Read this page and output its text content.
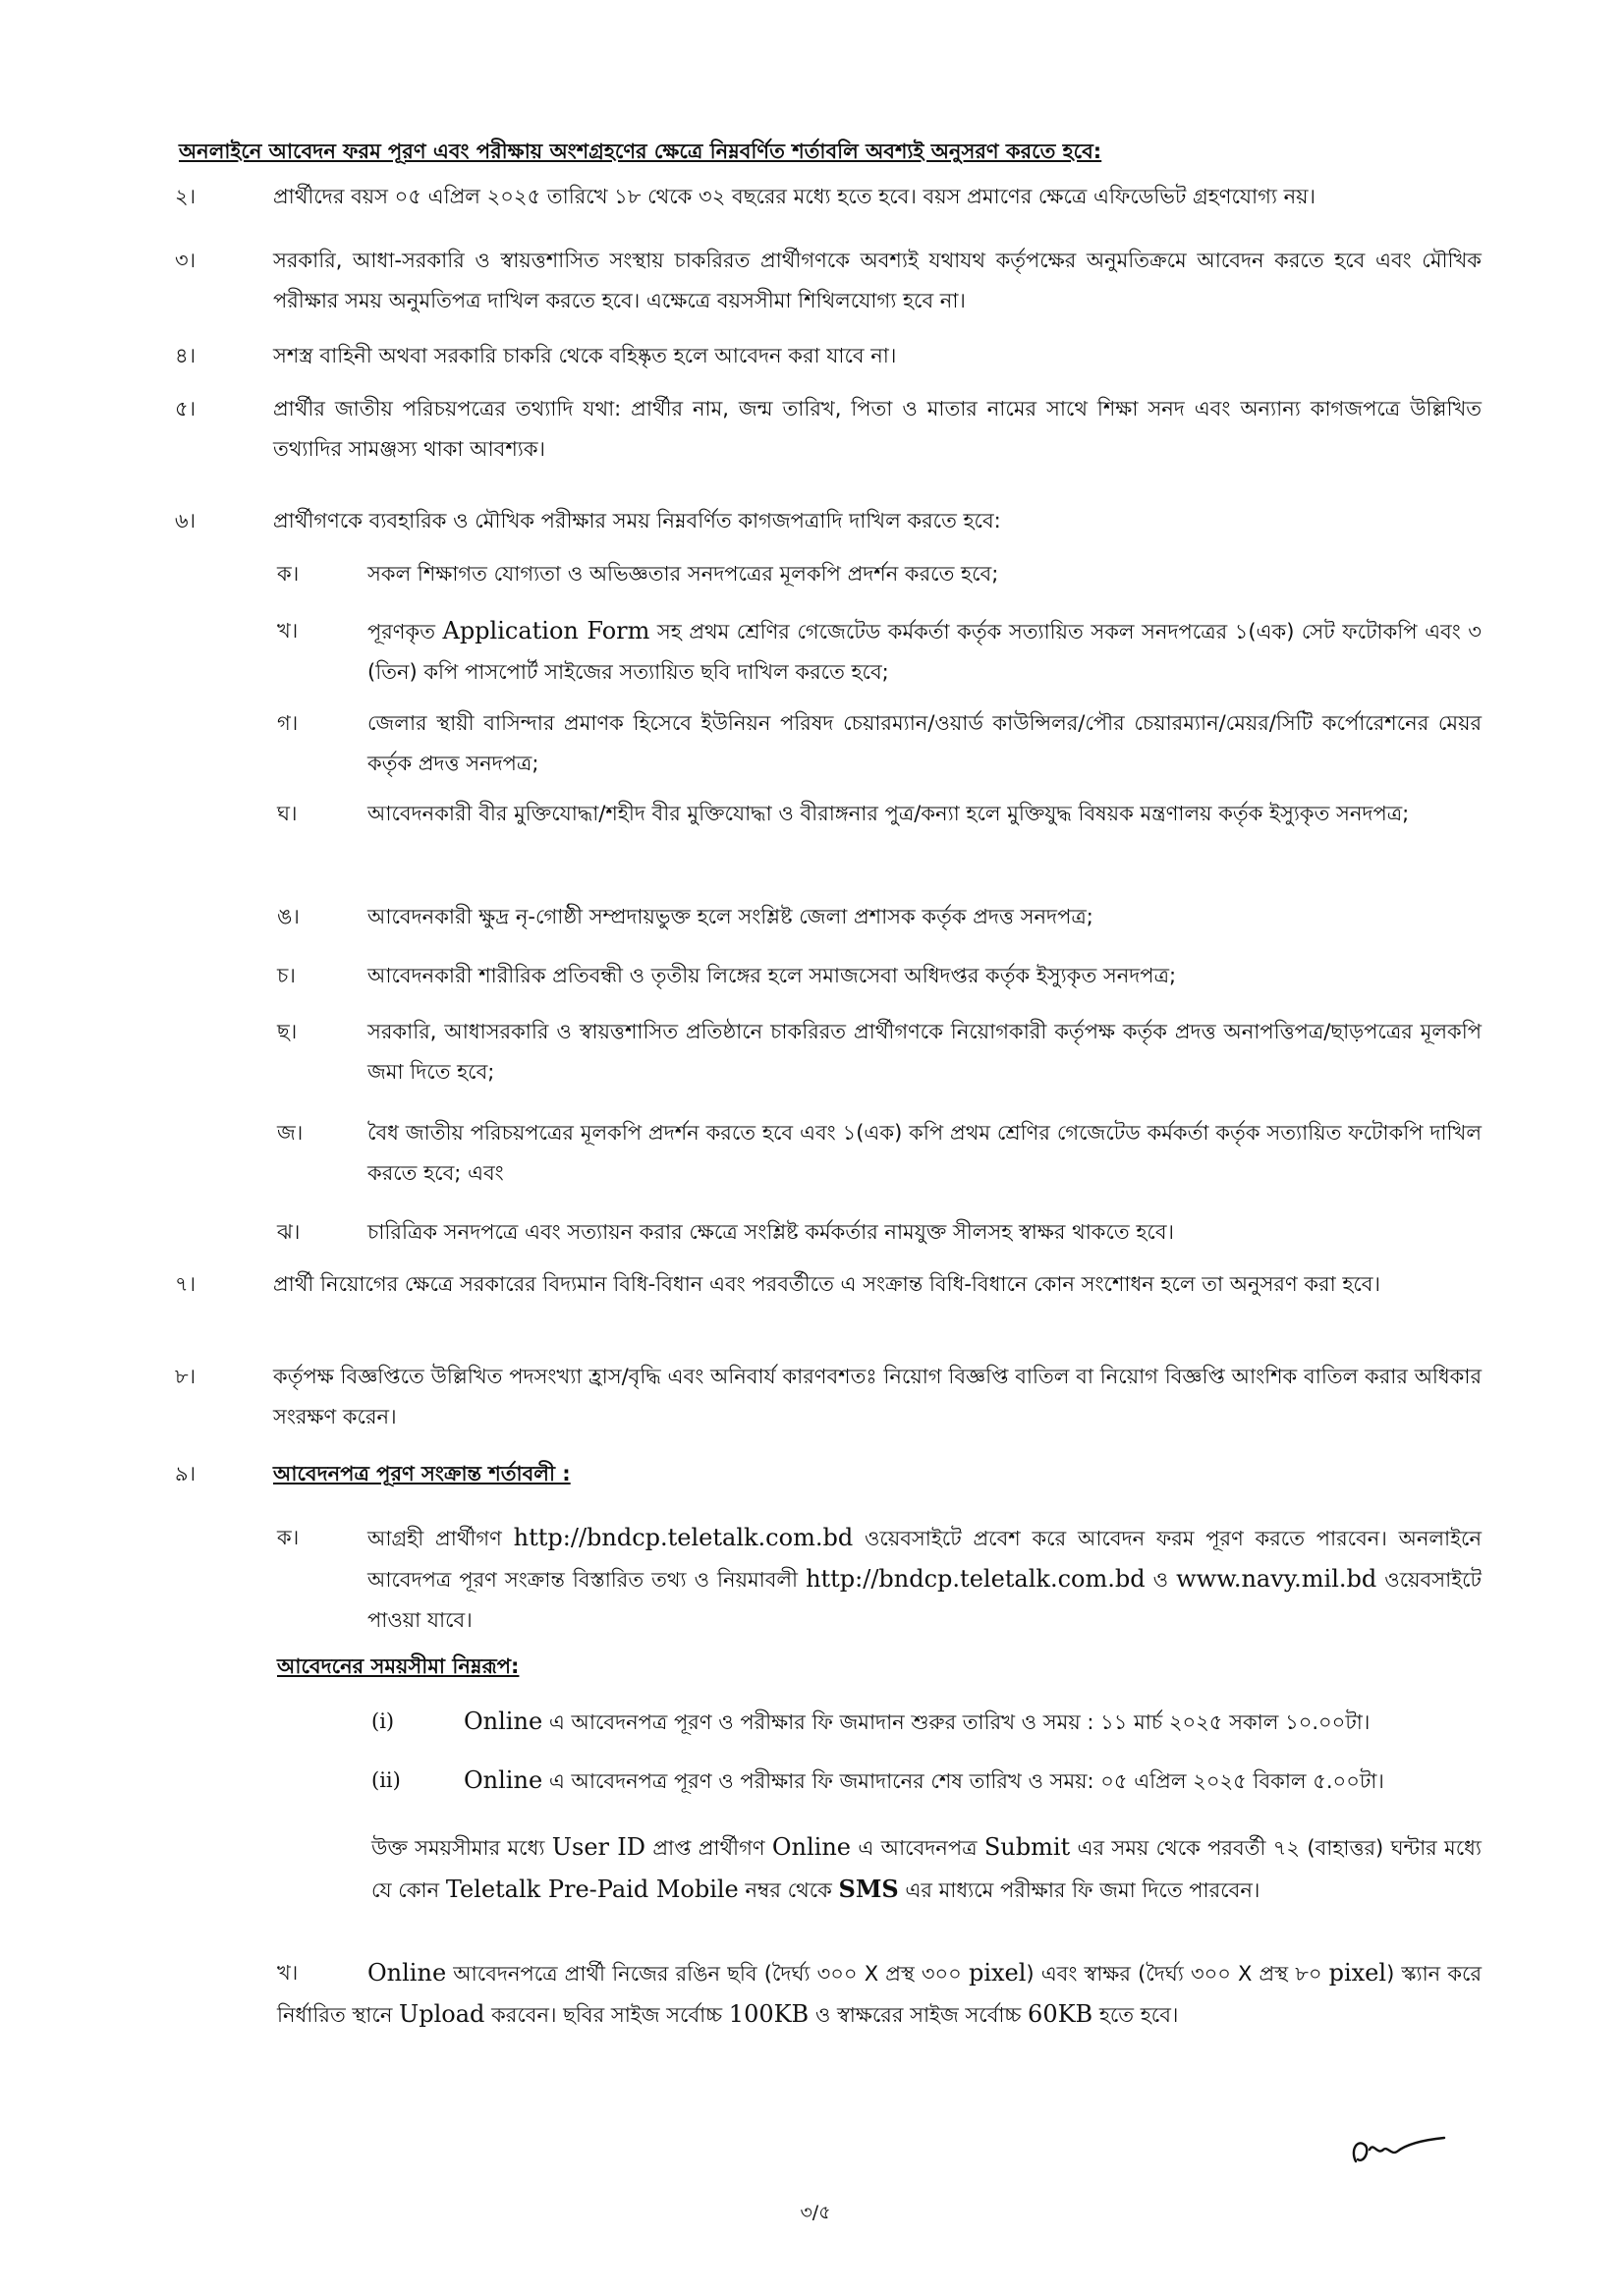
অনলাইনে আবেদন ফরম পূরণ এবং পরীক্ষায় অংশগ্রহণের ক্ষেত্রে নিম্নবর্ণিত শর্তাবলি অবশ্যই অনুসরণ করতে হবে:
২।	প্রার্থীদের বয়স ০৫ এপ্রিল ২০২৫ তারিখে ১৮ থেকে ৩২ বছরের মধ্যে হতে হবে। বয়স প্রমাণের ক্ষেত্রে এফিডেভিট গ্রহণযোগ্য নয়।
৩।	সরকারি, আধা-সরকারি ও স্বায়ত্তশাসিত সংস্থায় চাকরিরত প্রার্থীগণকে অবশ্যই যথাযথ কর্তৃপক্ষের অনুমতিক্রমে আবেদন করতে হবে এবং মৌখিক পরীক্ষার সময় অনুমতিপত্র দাখিল করতে হবে। এক্ষেত্রে বয়সসীমা শিথিলযোগ্য হবে না।
৪।	সশস্ত্র বাহিনী অথবা সরকারি চাকরি থেকে বহিষ্কৃত হলে আবেদন করা যাবে না।
৫।	প্রার্থীর জাতীয় পরিচয়পত্রের তথ্যাদি যথা: প্রার্থীর নাম, জন্ম তারিখ, পিতা ও মাতার নামের সাথে শিক্ষা সনদ এবং অন্যান্য কাগজপত্রে উল্লিখিত তথ্যাদির সামঞ্জস্য থাকা আবশ্যক।
৬।	প্রার্থীগণকে ব্যবহারিক ও মৌখিক পরীক্ষার সময় নিম্নবর্ণিত কাগজপত্রাদি দাখিল করতে হবে:
ক।	সকল শিক্ষাগত যোগ্যতা ও অভিজ্ঞতার সনদপত্রের মূলকপি প্রদর্শন করতে হবে;
খ।	পূরণকৃত Application Form সহ প্রথম শ্রেণির গেজেটেড কর্মকর্তা কর্তৃক সত্যায়িত সকল সনদপত্রের ১(এক) সেট ফটোকপি এবং ৩ (তিন) কপি পাসপোর্ট সাইজের সত্যায়িত ছবি দাখিল করতে হবে;
গ।	জেলার স্থায়ী বাসিন্দার প্রমাণক হিসেবে ইউনিয়ন পরিষদ চেয়ারম্যান/ওয়ার্ড কাউন্সিলর/পৌর চেয়ারম্যান/মেয়র/সিটি কর্পোরেশনের মেয়র কর্তৃক প্রদত্ত সনদপত্র;
ঘ।	আবেদনকারী বীর মুক্তিযোদ্ধা/শহীদ বীর মুক্তিযোদ্ধা ও বীরাঙ্গনার পুত্র/কন্যা হলে মুক্তিযুদ্ধ বিষয়ক মন্ত্রণালয় কর্তৃক ইস্যুকৃত সনদপত্র;
ঙ।	আবেদনকারী ক্ষুদ্র নৃ-গোষ্ঠী সম্প্রদায়ভুক্ত হলে সংশ্লিষ্ট জেলা প্রশাসক কর্তৃক প্রদত্ত সনদপত্র;
চ।	আবেদনকারী শারীরিক প্রতিবন্ধী ও তৃতীয় লিঙ্গের হলে সমাজসেবা অধিদপ্তর কর্তৃক ইস্যুকৃত সনদপত্র;
ছ।	সরকারি, আধাসরকারি ও স্বায়ত্তশাসিত প্রতিষ্ঠানে চাকরিরত প্রার্থীগণকে নিয়োগকারী কর্তৃপক্ষ কর্তৃক প্রদত্ত অনাপত্তিপত্র/ছাড়পত্রের মূলকপি জমা দিতে হবে;
জ।	বৈধ জাতীয় পরিচয়পত্রের মূলকপি প্রদর্শন করতে হবে এবং ১(এক) কপি প্রথম শ্রেণির গেজেটেড কর্মকর্তা কর্তৃক সত্যায়িত ফটোকপি দাখিল করতে হবে; এবং
ঝ।	চারিত্রিক সনদপত্রে এবং সত্যায়ন করার ক্ষেত্রে সংশ্লিষ্ট কর্মকর্তার নামযুক্ত সীলসহ স্বাক্ষর থাকতে হবে।
৭।	প্রার্থী নিয়োগের ক্ষেত্রে সরকারের বিদ্যমান বিধি-বিধান এবং পরবর্তীতে এ সংক্রান্ত বিধি-বিধানে কোন সংশোধন হলে তা অনুসরণ করা হবে।
৮।	কর্তৃপক্ষ বিজ্ঞপ্তিতে উল্লিখিত পদসংখ্যা হ্রাস/বৃদ্ধি এবং অনিবার্য কারণবশতঃ নিয়োগ বিজ্ঞপ্তি বাতিল বা নিয়োগ বিজ্ঞপ্তি আংশিক বাতিল করার অধিকার সংরক্ষণ করেন।
৯।	আবেদনপত্র পূরণ সংক্রান্ত শর্তাবলী :
ক।	আগ্রহী প্রার্থীগণ http://bndcp.teletalk.com.bd ওয়েবসাইটে প্রবেশ করে আবেদন ফরম পূরণ করতে পারবেন। অনলাইনে আবেদপত্র পূরণ সংক্রান্ত বিস্তারিত তথ্য ও নিয়মাবলী http://bndcp.teletalk.com.bd ও www.navy.mil.bd ওয়েবসাইটে পাওয়া যাবে।
আবেদনের সময়সীমা নিম্নরূপ:
(i)	Online এ আবেদনপত্র পূরণ ও পরীক্ষার ফি জমাদান শুরুর তারিখ ও সময় : ১১ মার্চ ২০২৫ সকাল ১০.০০টা।
(ii)	Online এ আবেদনপত্র পূরণ ও পরীক্ষার ফি জমাদানের শেষ তারিখ ও সময়: ০৫ এপ্রিল ২০২৫ বিকাল ৫.০০টা।
উক্ত সময়সীমার মধ্যে User ID প্রাপ্ত প্রার্থীগণ Online এ আবেদনপত্র Submit এর সময় থেকে পরবর্তী ৭২ (বাহাত্তর) ঘন্টার মধ্যে যে কোন Teletalk Pre-Paid Mobile নম্বর থেকে SMS এর মাধ্যমে পরীক্ষার ফি জমা দিতে পারবেন।
খ।	Online আবেদনপত্রে প্রার্থী নিজের রঙিন ছবি (দৈর্ঘ্য ৩০০ X প্রস্থ ৩০০ pixel) এবং স্বাক্ষর (দৈর্ঘ্য ৩০০ X প্রস্থ ৮০ pixel) স্ক্যান করে নির্ধারিত স্থানে Upload করবেন। ছবির সাইজ সর্বোচ্চ 100KB ও স্বাক্ষরের সাইজ সর্বোচ্চ 60KB হতে হবে।
৩/৫
